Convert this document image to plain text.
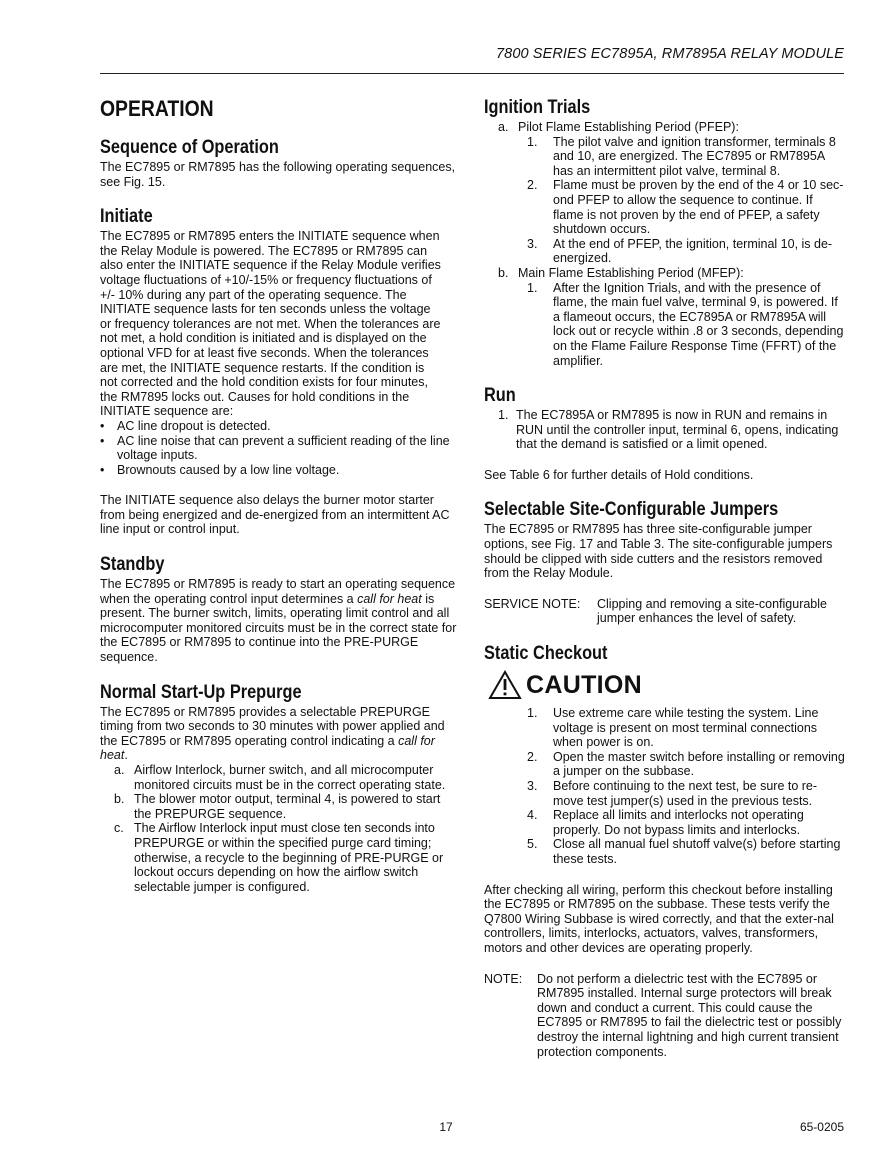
7800 SERIES EC7895A, RM7895A RELAY MODULE
OPERATION
Sequence of Operation

The EC7895 or RM7895 has the following operating sequences, see Fig. 15.

Initiate
The EC7895 or RM7895 enters the INITIATE sequence when
the Relay Module is powered. The EC7895 or RM7895 can
also enter the INITIATE sequence if the Relay Module verifies
voltage fluctuations of +10/-15% or frequency fluctuations of
+/- 10% during any part of the operating sequence. The
INITIATE sequence lasts for ten seconds unless the voltage
or frequency tolerances are not met. When the tolerances are
not met, a hold condition is initiated and is displayed on the
optional VFD for at least five seconds. When the tolerances
are met, the INITIATE sequence restarts. If the condition is
not corrected and the hold condition exists for four minutes,
the RM7895 locks out. Causes for hold conditions in the
INITIATE sequence are:
•	AC line dropout is detected.
•	AC line noise that can prevent a sufficient reading of the line voltage inputs.
•	Brownouts caused by a low line voltage.

The INITIATE sequence also delays the burner motor starter from being energized and de-energized from an intermittent AC line input or control input.

Standby

The EC7895 or RM7895 is ready to start an operating sequence when the operating control input determines a call for heat is present. The burner switch, limits, operating limit control and all microcomputer monitored circuits must be in the correct state for the EC7895 or RM7895 to continue into the PRE-PURGE sequence.

Normal Start-Up Prepurge

The EC7895 or RM7895 provides a selectable PREPURGE timing from two seconds to 30 minutes with power applied and the EC7895 or RM7895 operating control indicating a call for heat.

a. Airflow Interlock, burner switch, and all microcomputer monitored circuits must be in the correct operating state.
b. The blower motor output, terminal 4, is powered to start the PREPURGE sequence.
c. The Airflow Interlock input must close ten seconds into PREPURGE or within the specified purge card timing; otherwise, a recycle to the beginning of PRE-PURGE or lockout occurs depending on how the airflow switch selectable jumper is configured.
Ignition Trials
a. Pilot Flame Establishing Period (PFEP):
1.	The pilot valve and ignition transformer, terminals 8 and 10, are energized. The EC7895 or RM7895A has an intermittent pilot valve, terminal 8.
2.	Flame must be proven by the end of the 4 or 10 sec-ond PFEP to allow the sequence to continue. If flame is not proven by the end of PFEP, a safety shutdown occurs.
3.	At the end of PFEP, the ignition, terminal 10, is de-energized.
b. Main Flame Establishing Period (MFEP):
1.	After the Ignition Trials, and with the presence of flame, the main fuel valve, terminal 9, is powered. If a flameout occurs, the EC7895A or RM7895A will lock out or recycle within .8 or 3 seconds, depending on the Flame Failure Response Time (FFRT) of the amplifier.
Run
1. The EC7895A or RM7895 is now in RUN and remains in RUN until the controller input, terminal 6, opens, indicating that the demand is satisfied or a limit opened.

See Table 6 for further details of Hold conditions.

Selectable Site-Configurable Jumpers

The EC7895 or RM7895 has three site-configurable jumper options, see Fig. 17 and Table 3. The site-configurable jumpers should be clipped with side cutters and the resistors removed from the Relay Module.

SERVICE NOTE:	Clipping and removing a site-configurable jumper enhances the level of safety.
Static Checkout
CAUTION
1.	Use extreme care while testing the system. Line voltage is present on most terminal connections when power is on.
2.	Open the master switch before installing or removing a jumper on the subbase.
3.	Before continuing to the next test, be sure to re-move test jumper(s) used in the previous tests.
4.	Replace all limits and interlocks not operating properly. Do not bypass limits and interlocks.
5.	Close all manual fuel shutoff valve(s) before starting these tests.

After checking all wiring, perform this checkout before installing the EC7895 or RM7895 on the subbase. These tests verify the Q7800 Wiring Subbase is wired correctly, and that the exter-nal controllers, limits, interlocks, actuators, valves, transformers, motors and other devices are operating properly.

NOTE:	Do not perform a dielectric test with the EC7895 or RM7895 installed. Internal surge protectors will break down and conduct a current. This could cause the EC7895 or RM7895 to fail the dielectric test or possibly destroy the internal lightning and high current transient protection components.
17	65-0205
